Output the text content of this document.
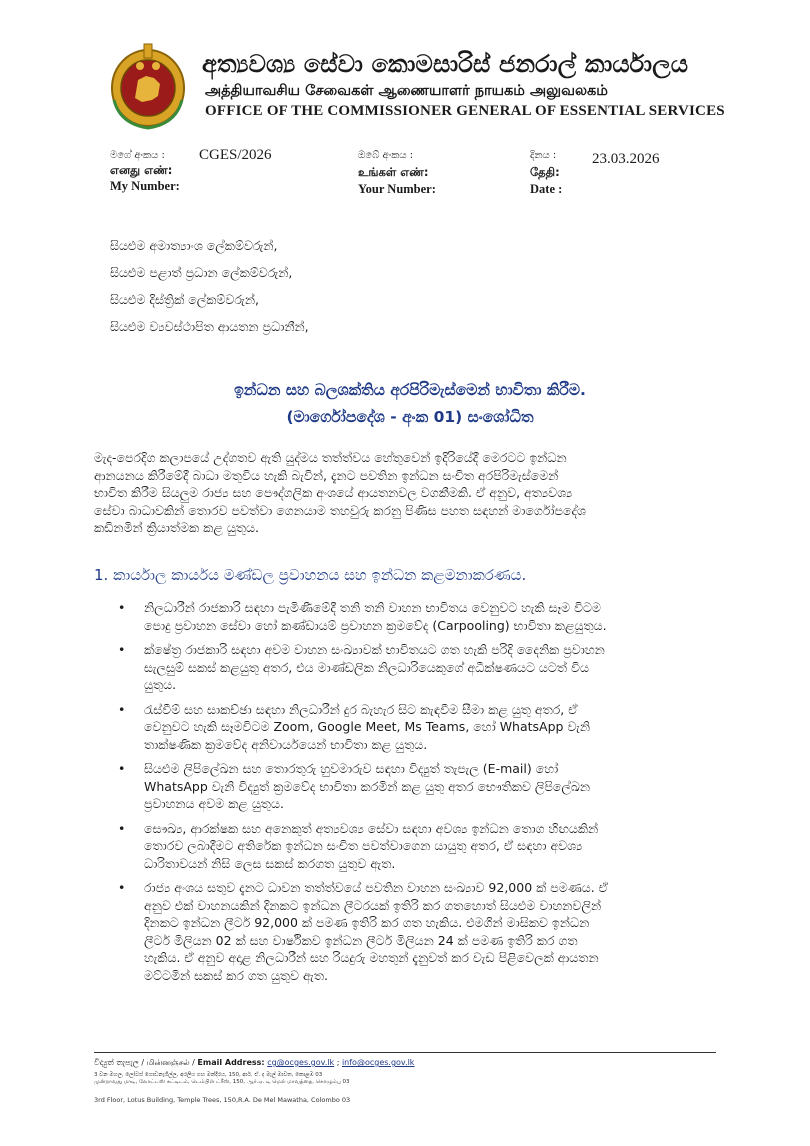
අත්‍යවශ්‍ය සේවා කොමසාරිස් ජනරාල් කාර්යාලය
அத்தியாவசிய சேவைகள் ஆணையாளர் நாயகம் அலுவலகம்
OFFICE OF THE COMMISSIONER GENERAL OF ESSENTIAL SERVICES
මගේ අංකය :
எனது எண்:
My Number:
CGES/2026	ඔබේ අංකය :
உங்கள் எண்:
Your Number:
දිනය :
தேதி:
Date :
23.03.2026
සියළුම අමාත්‍යාංශ ලේකම්වරුන්,
සියළුම පළාත් ප්‍රධාන ලේකම්වරුන්,
සියළුම දිස්ත්‍රික් ලේකම්වරුන්,
සියළුම ව්‍යවස්ථාපිත ආයතන ප්‍රධානීන්,
ඉන්ධන සහ බලශක්තිය අරපිරිමැස්මෙන් භාවිතා කිරීම.
(මාර්ගෝපදේශ - අංක 01) සංශෝධිත
මැද-පෙරදිග කලාපයේ උද්ගතව ඇති යුද්මය තත්ත්වය හේතුවෙන් ඉදිරියේදී මෙරටට ඉන්ධන
ආනයනය කිරීමේදී බාධා මතුවිය හැකි බැවින්, දැනට පවතින ඉන්ධන සංචිත අරපිරිමැස්මෙන්
භාවිත කිරීම සියලුම රාජ්‍ය සහ පෞද්ගලික අංශයේ ආයතනවල වගකීමකි. ඒ අනුව, අත්‍යවශ්‍ය
සේවා බාධාවකින් තොරව පවත්වා ගෙනයාම තහවුරු කරනු පිණිස පහත සඳහන් මාර්ගෝපදේශ
කඩිනමින් ක්‍රියාත්මක කළ යුතුය.
1. කාර්යාල කාර්යය මණ්ඩල ප්‍රවාහනය සහ ඉන්ධන කළමනාකරණය.
• නිලධාරීන් රාජකාරි සඳහා පැමිණීමේදී තනි තනි වාහන භාවිතය වෙනුවට හැකි සෑම විටම
පොදු ප්‍රවාහන සේවා හෝ කණ්ඩායම් ප්‍රවාහන ක්‍රමවේද (Carpooling) භාවිතා කළයුතුය.
• ක්ෂේත්‍ර රාජකාරි සඳහා අවම වාහන සංඛ්‍යාවක් භාවිතයට ගත හැකි පරිදි දෛනික ප්‍රවාහන
සැලසුම් සකස් කළයුතු අතර, එය මාණ්ඩලික නිලධාරියෙකුගේ අධීක්ෂණයට යටත් විය
යුතුය.
• රැස්වීම් සහ සාකච්ඡා සඳහා නිලධාරීන් දුර බැහැර සිට කැඳවීම සීමා කළ යුතු අතර, ඒ
වෙනුවට හැකි සෑමවිටම Zoom, Google Meet, Ms Teams, හෝ WhatsApp වැනි
තාක්ෂණික ක්‍රමවේද අනිවාර්යයෙන් භාවිතා කළ යුතුය.
• සියළුම ලිපිලේඛන සහ තොරතුරු හුවමාරුව සඳහා විද්‍යුත් තැපැල (E-mail) හෝ
WhatsApp වැනි විද්‍යුත් ක්‍රමවේද භාවිතා කරමින් කළ යුතු අතර භෞතිකව ලිපිලේඛන
ප්‍රවාහනය අවම කළ යුතුය.
• සෞඛ්‍ය, ආරක්ෂක සහ අනෙකුත් අත්‍යවශ්‍ය සේවා සඳහා අවශ්‍ය ඉන්ධන තොග හිඟයකින්
තොරව ලබාදීමට අතිරේක ඉන්ධන සංචිත පවත්වාගෙන යායුතු අතර, ඒ සඳහා අවශ්‍ය
ධාරිතාවයන් නිසි ලෙස සකස් කරගත යුතුව ඇත.
• රාජ්‍ය අංශය සතුව දැනට ධාවන තත්ත්වයේ පවතින වාහන සංඛ්‍යාව 92,000 ක් පමණය. ඒ
අනුව එක් වාහනයකින් දිනකට ඉන්ධන ලීටරයක් ඉතිරි කර ගතහොත් සියළුම වාහනවලින්
දිනකට ඉන්ධන ලීටර් 92,000 ක් පමණ ඉතිරි කර ගත හැකිය. එමගින් මාසිකව ඉන්ධන
ලීටර් මිලියන 02 ක් සහ වාර්ෂිකව ඉන්ධන ලීටර් මිලියන 24 ක් පමණ ඉතිරි කර ගත
හැකිය. ඒ අනුව අදාළ නිලධාරීන් සහ රියදුරු මහතුන් දැනුවත් කර වැඩ පිළිවෙලක් ආයතන
මට්ටමින් සකස් කර ගත යුතුව ඇත.
විද්‍යුත් තැපැල / மின்னஞ்சல் / Email Address: cg@ocges.gov.lk ; info@ocges.gov.lk
3 වන මහල, ලෝටස් ගොඩනැගිල්ල, අරලිය ගහ මන්දිරය, 150, ආර්. ඒ. ද මැල් මාවත, කොළඹ 03
முன்றாவது மாடி, லோட்டஸ் கட்டிடம், டெம்பிள் ட்ரீஸ், 150, ஆர்.ஏ. டி மெல் மாவத்தை, கொழும்பு 03
3rd Floor, Lotus Building, Temple Trees, 150,R.A. De Mel Mawatha, Colombo 03
